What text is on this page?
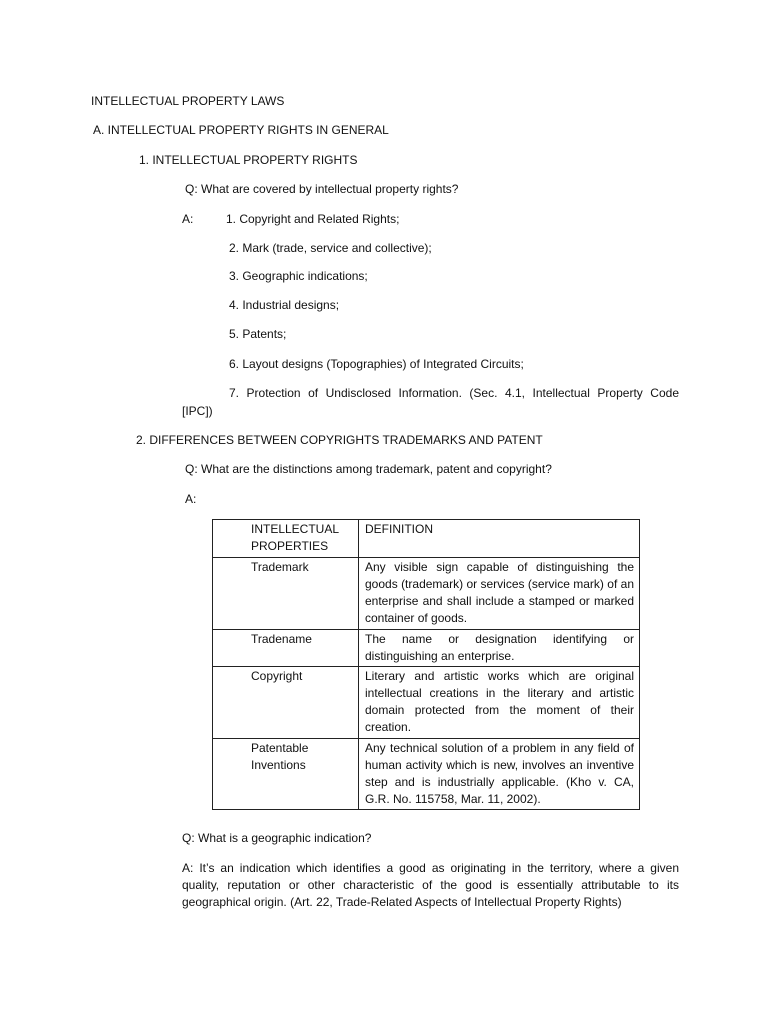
INTELLECTUAL PROPERTY LAWS
A. INTELLECTUAL PROPERTY RIGHTS IN GENERAL
1. INTELLECTUAL PROPERTY RIGHTS
Q: What are covered by intellectual property rights?
A:	1. Copyright and Related Rights;
2. Mark (trade, service and collective);
3. Geographic indications;
4. Industrial designs;
5. Patents;
6. Layout designs (Topographies) of Integrated Circuits;
7. Protection of Undisclosed Information. (Sec. 4.1, Intellectual Property Code
[IPC])
2. DIFFERENCES BETWEEN COPYRIGHTS TRADEMARKS AND PATENT
Q: What are the distinctions among trademark, patent and copyright?
A:
INTELLECTUAL PROPERTIES	DEFINITION
Trademark	Any visible sign capable of distinguishing the goods (trademark) or services (service mark) of an enterprise and shall include a stamped or marked container of goods.
Tradename	The name or designation identifying or distinguishing an enterprise.
Copyright	Literary and artistic works which are original intellectual creations in the literary and artistic domain protected from the moment of their creation.
Patentable Inventions	Any technical solution of a problem in any field of human activity which is new, involves an inventive step and is industrially applicable. (Kho v. CA, G.R. No. 115758, Mar. 11, 2002).
Q: What is a geographic indication?
A: It’s an indication which identifies a good as originating in the territory, where a given quality, reputation or other characteristic of the good is essentially attributable to its geographical origin. (Art. 22, Trade-Related Aspects of Intellectual Property Rights)
